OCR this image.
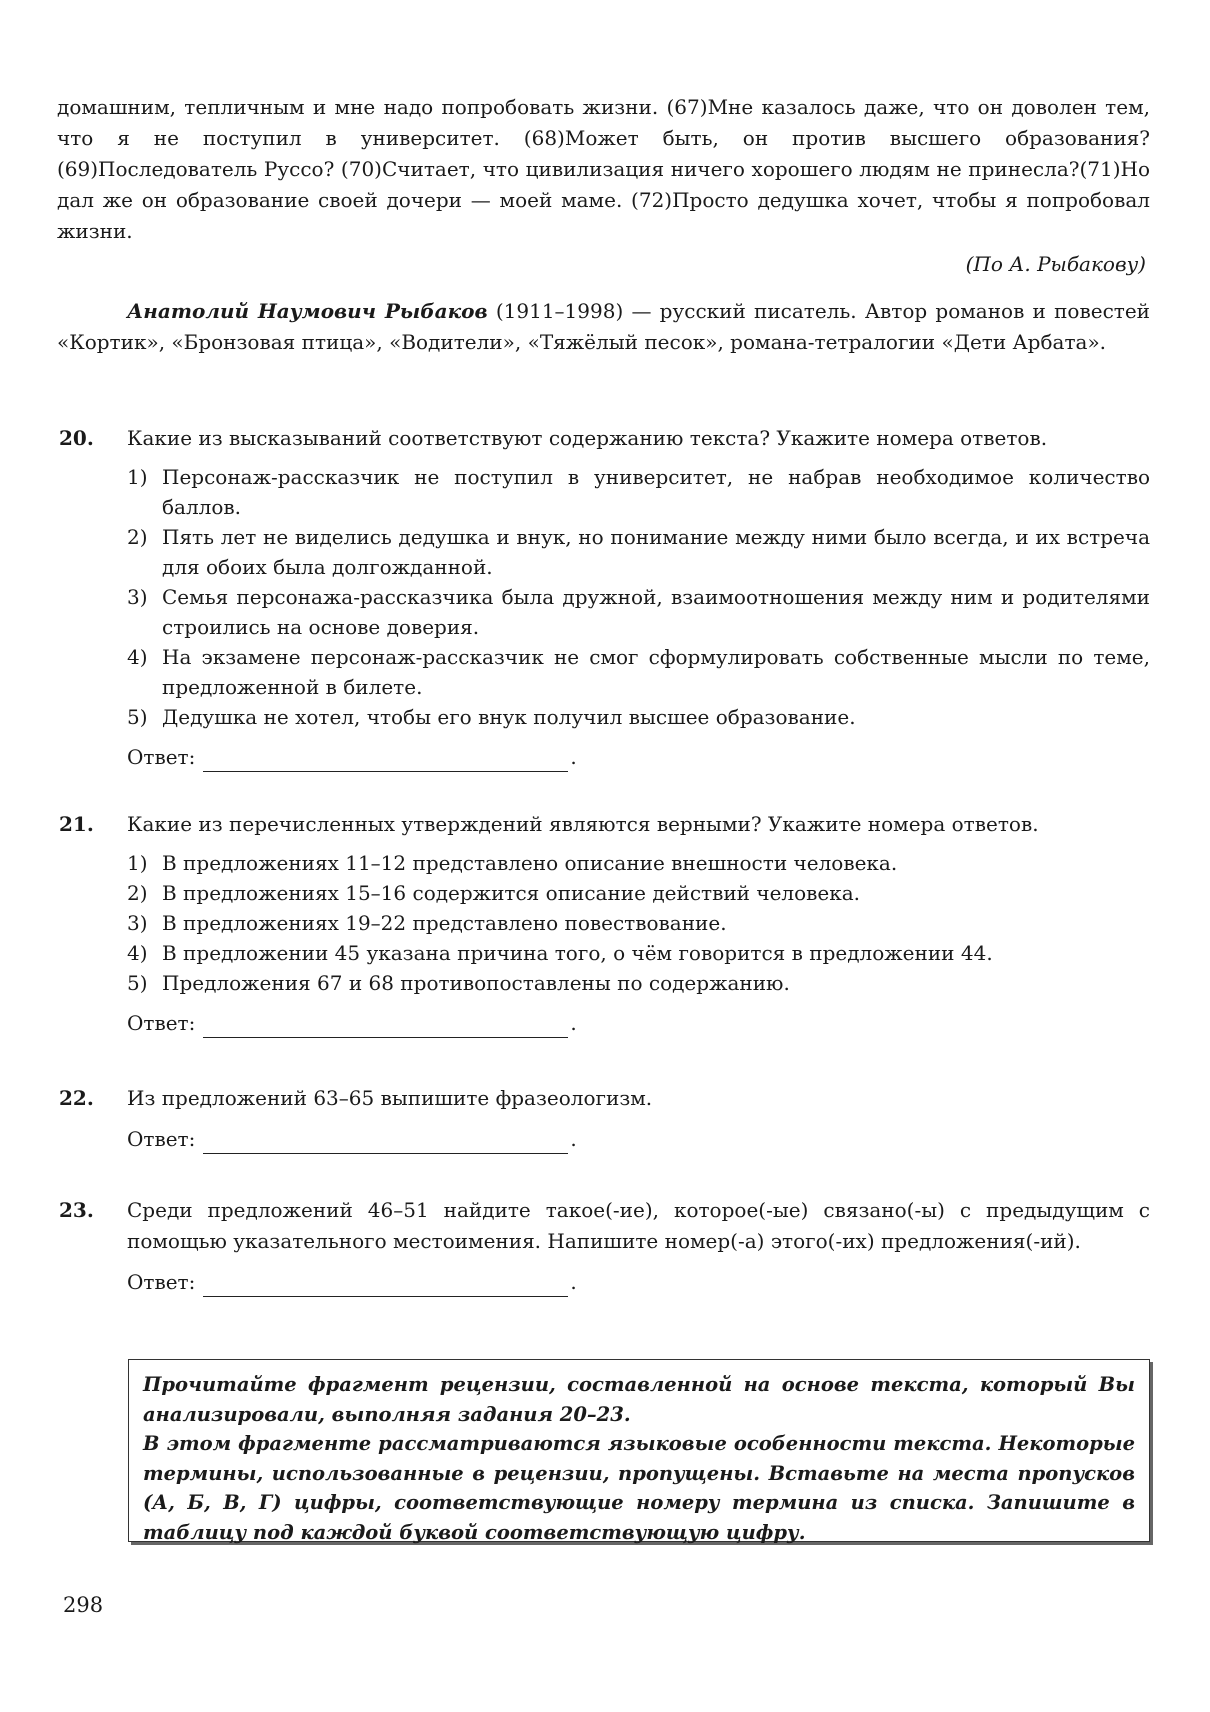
домашним, тепличным и мне надо попробовать жизни. (67)Мне казалось даже, что он доволен тем, что я не поступил в университет. (68)Может быть, он против высшего образования? (69)Последователь Руссо? (70)Считает, что цивилизация ничего хорошего людям не принесла?(71)Но дал же он образование своей дочери — моей маме. (72)Просто дедушка хочет, чтобы я попробовал жизни.

(По А. Рыбакову)

Анатолий Наумович Рыбаков (1911–1998) — русский писатель. Автор романов и повестей «Кортик», «Бронзовая птица», «Водители», «Тяжёлый песок», романа-тетралогии «Дети Арбата».

20. Какие из высказываний соответствуют содержанию текста? Укажите номера ответов.

1) Персонаж-рассказчик не поступил в университет, не набрав необходимое количество баллов.
2) Пять лет не виделись дедушка и внук, но понимание между ними было всегда, и их встреча для обоих была долгожданной.
3) Семья персонажа-рассказчика была дружной, взаимоотношения между ним и родителями строились на основе доверия.
4) На экзамене персонаж-рассказчик не смог сформулировать собственные мысли по теме, предложенной в билете.
5) Дедушка не хотел, чтобы его внук получил высшее образование.
Ответ:	.
21. Какие из перечисленных утверждений являются верными? Укажите номера ответов.

1) В предложениях 11–12 представлено описание внешности человека.
2) В предложениях 15–16 содержится описание действий человека.
3) В предложениях 19–22 представлено повествование.
4) В предложении 45 указана причина того, о чём говорится в предложении 44.
5) Предложения 67 и 68 противопоставлены по содержанию.
Ответ:	.
22. Из предложений 63–65 выпишите фразеологизм.

Ответ:	.
23. Среди предложений 46–51 найдите такое(-ие), которое(-ые) связано(-ы) с предыдущим с помощью указательного местоимения. Напишите номер(-а) этого(-их) предложения(-ий).

Ответ:	.

Прочитайте фрагмент рецензии, составленной на основе текста, который Вы анализировали, выполняя задания 20–23.

В этом фрагменте рассматриваются языковые особенности текста. Некоторые термины, использованные в рецензии, пропущены. Вставьте на места пропусков (А, Б, В, Г) цифры, соответствующие номеру термина из списка. Запишите в таблицу под каждой буквой соответствующую цифру.

298
